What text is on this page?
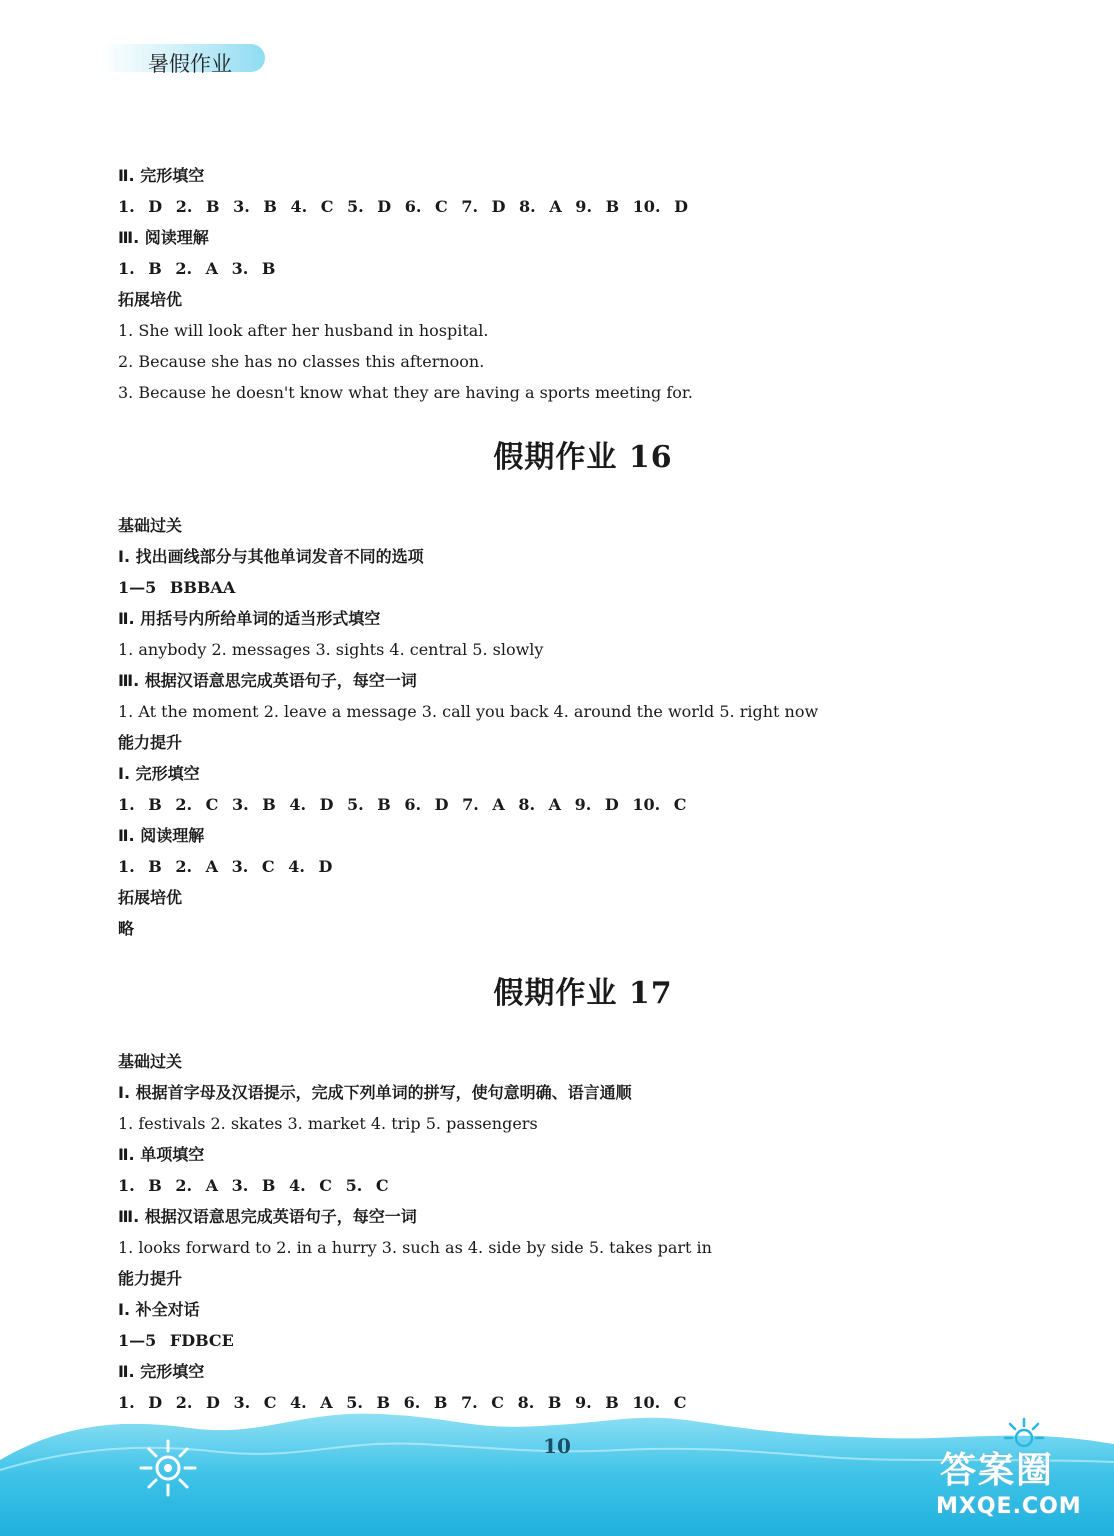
暑假作业
Ⅱ. 完形填空
1. D 2. B 3. B 4. C 5. D 6. C 7. D 8. A 9. B 10. D
Ⅲ. 阅读理解
1. B 2. A 3. B
拓展培优
1. She will look after her husband in hospital.
2. Because she has no classes this afternoon.
3. Because he doesn't know what they are having a sports meeting for.
假期作业 16
基础过关
Ⅰ. 找出画线部分与其他单词发音不同的选项
1—5 BBBAA
Ⅱ. 用括号内所给单词的适当形式填空
1. anybody 2. messages 3. sights 4. central 5. slowly
Ⅲ. 根据汉语意思完成英语句子，每空一词
1. At the moment 2. leave a message 3. call you back 4. around the world 5. right now
能力提升
Ⅰ. 完形填空
1. B 2. C 3. B 4. D 5. B 6. D 7. A 8. A 9. D 10. C
Ⅱ. 阅读理解
1. B 2. A 3. C 4. D
拓展培优
略
假期作业 17
基础过关
Ⅰ. 根据首字母及汉语提示，完成下列单词的拼写，使句意明确、语言通顺
1. festivals 2. skates 3. market 4. trip 5. passengers
Ⅱ. 单项填空
1. B 2. A 3. B 4. C 5. C
Ⅲ. 根据汉语意思完成英语句子，每空一词
1. looks forward to 2. in a hurry 3. such as 4. side by side 5. takes part in
能力提升
Ⅰ. 补全对话
1—5 FDBCE
Ⅱ. 完形填空
1. D 2. D 3. C 4. A 5. B 6. B 7. C 8. B 9. B 10. C
10
答案圈
MXQE.COM
